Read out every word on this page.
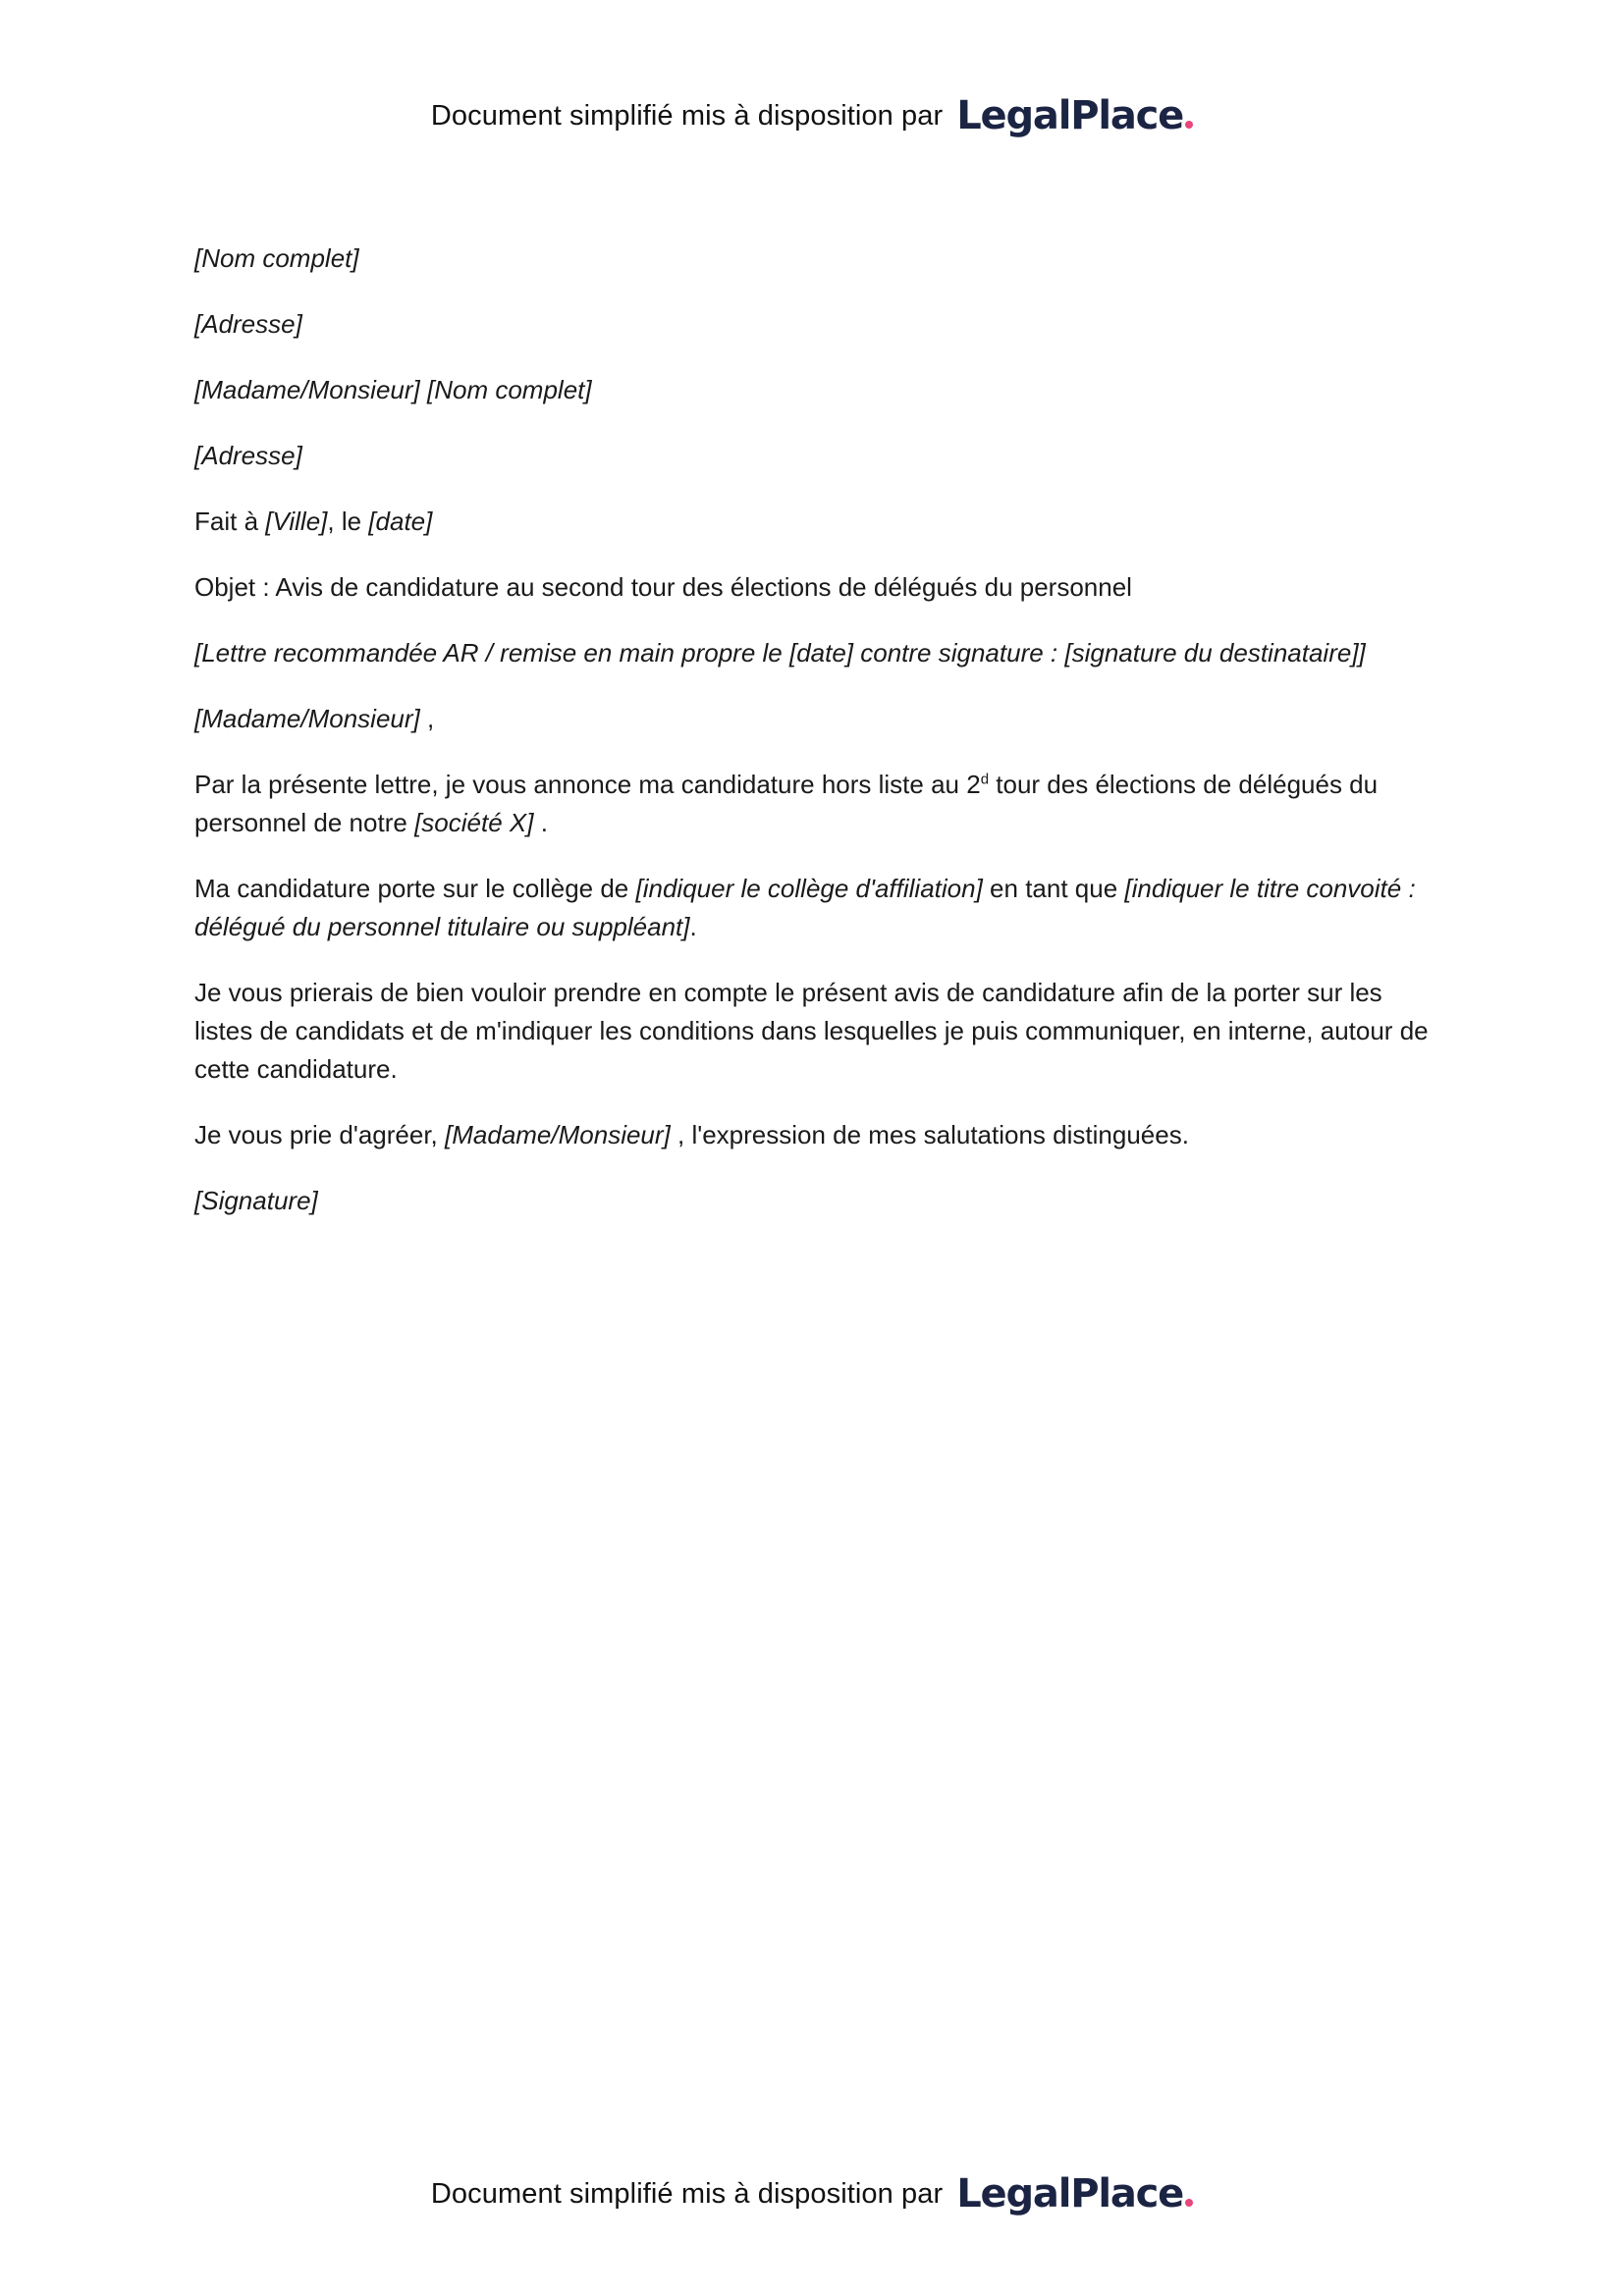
Document simplifié mis à disposition par LegalPlace

[Nom complet]

[Adresse]

[Madame/Monsieur] [Nom complet]

[Adresse]

Fait à [Ville], le [date]

Objet : Avis de candidature au second tour des élections de délégués du personnel

[Lettre recommandée AR / remise en main propre le [date] contre signature : [signature du destinataire]]

[Madame/Monsieur] ,

Par la présente lettre, je vous annonce ma candidature hors liste au 2$^d$ tour des élections de délégués du personnel de notre [société X] .

Ma candidature porte sur le collège de [indiquer le collège d'affiliation] en tant que [indiquer le titre convoité : délégué du personnel titulaire ou suppléant].

Je vous prierais de bien vouloir prendre en compte le présent avis de candidature afin de la porter sur les listes de candidats et de m'indiquer les conditions dans lesquelles je puis communiquer, en interne, autour de cette candidature.

Je vous prie d'agréer, [Madame/Monsieur] , l'expression de mes salutations distinguées.

[Signature]

Document simplifié mis à disposition par LegalPlace
